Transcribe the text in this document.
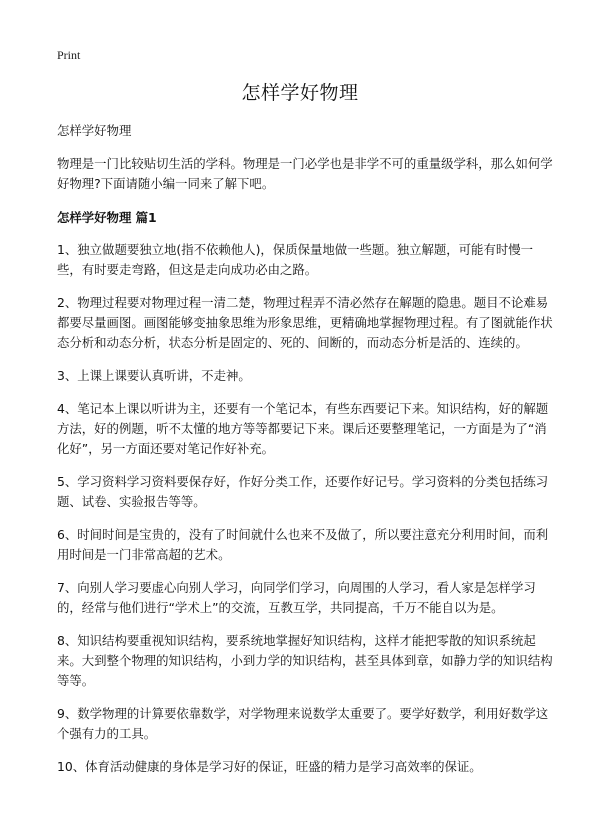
Print
怎样学好物理

怎样学好物理

物理是一门比较贴切生活的学科。物理是一门必学也是非学不可的重量级学科，那么如何学好物理?下面请随小编一同来了解下吧。

怎样学好物理 篇1

1、独立做题要独立地(指不依赖他人)，保质保量地做一些题。独立解题，可能有时慢一些，有时要走弯路，但这是走向成功必由之路。

2、物理过程要对物理过程一清二楚，物理过程弄不清必然存在解题的隐患。题目不论难易都要尽量画图。画图能够变抽象思维为形象思维，更精确地掌握物理过程。有了图就能作状态分析和动态分析，状态分析是固定的、死的、间断的，而动态分析是活的、连续的。

3、上课上课要认真听讲，不走神。

4、笔记本上课以听讲为主，还要有一个笔记本，有些东西要记下来。知识结构，好的解题方法，好的例题，听不太懂的地方等等都要记下来。课后还要整理笔记，一方面是为了“消化好”，另一方面还要对笔记作好补充。

5、学习资料学习资料要保存好，作好分类工作，还要作好记号。学习资料的分类包括练习题、试卷、实验报告等等。

6、时间时间是宝贵的，没有了时间就什么也来不及做了，所以要注意充分利用时间，而利用时间是一门非常高超的艺术。

7、向别人学习要虚心向别人学习，向同学们学习，向周围的人学习，看人家是怎样学习的，经常与他们进行“学术上”的交流，互教互学，共同提高，千万不能自以为是。

8、知识结构要重视知识结构，要系统地掌握好知识结构，这样才能把零散的知识系统起来。大到整个物理的知识结构，小到力学的知识结构，甚至具体到章，如静力学的知识结构等等。

9、数学物理的计算要依靠数学，对学物理来说数学太重要了。要学好数学，利用好数学这个强有力的工具。

10、体育活动健康的身体是学习好的保证，旺盛的精力是学习高效率的保证。
